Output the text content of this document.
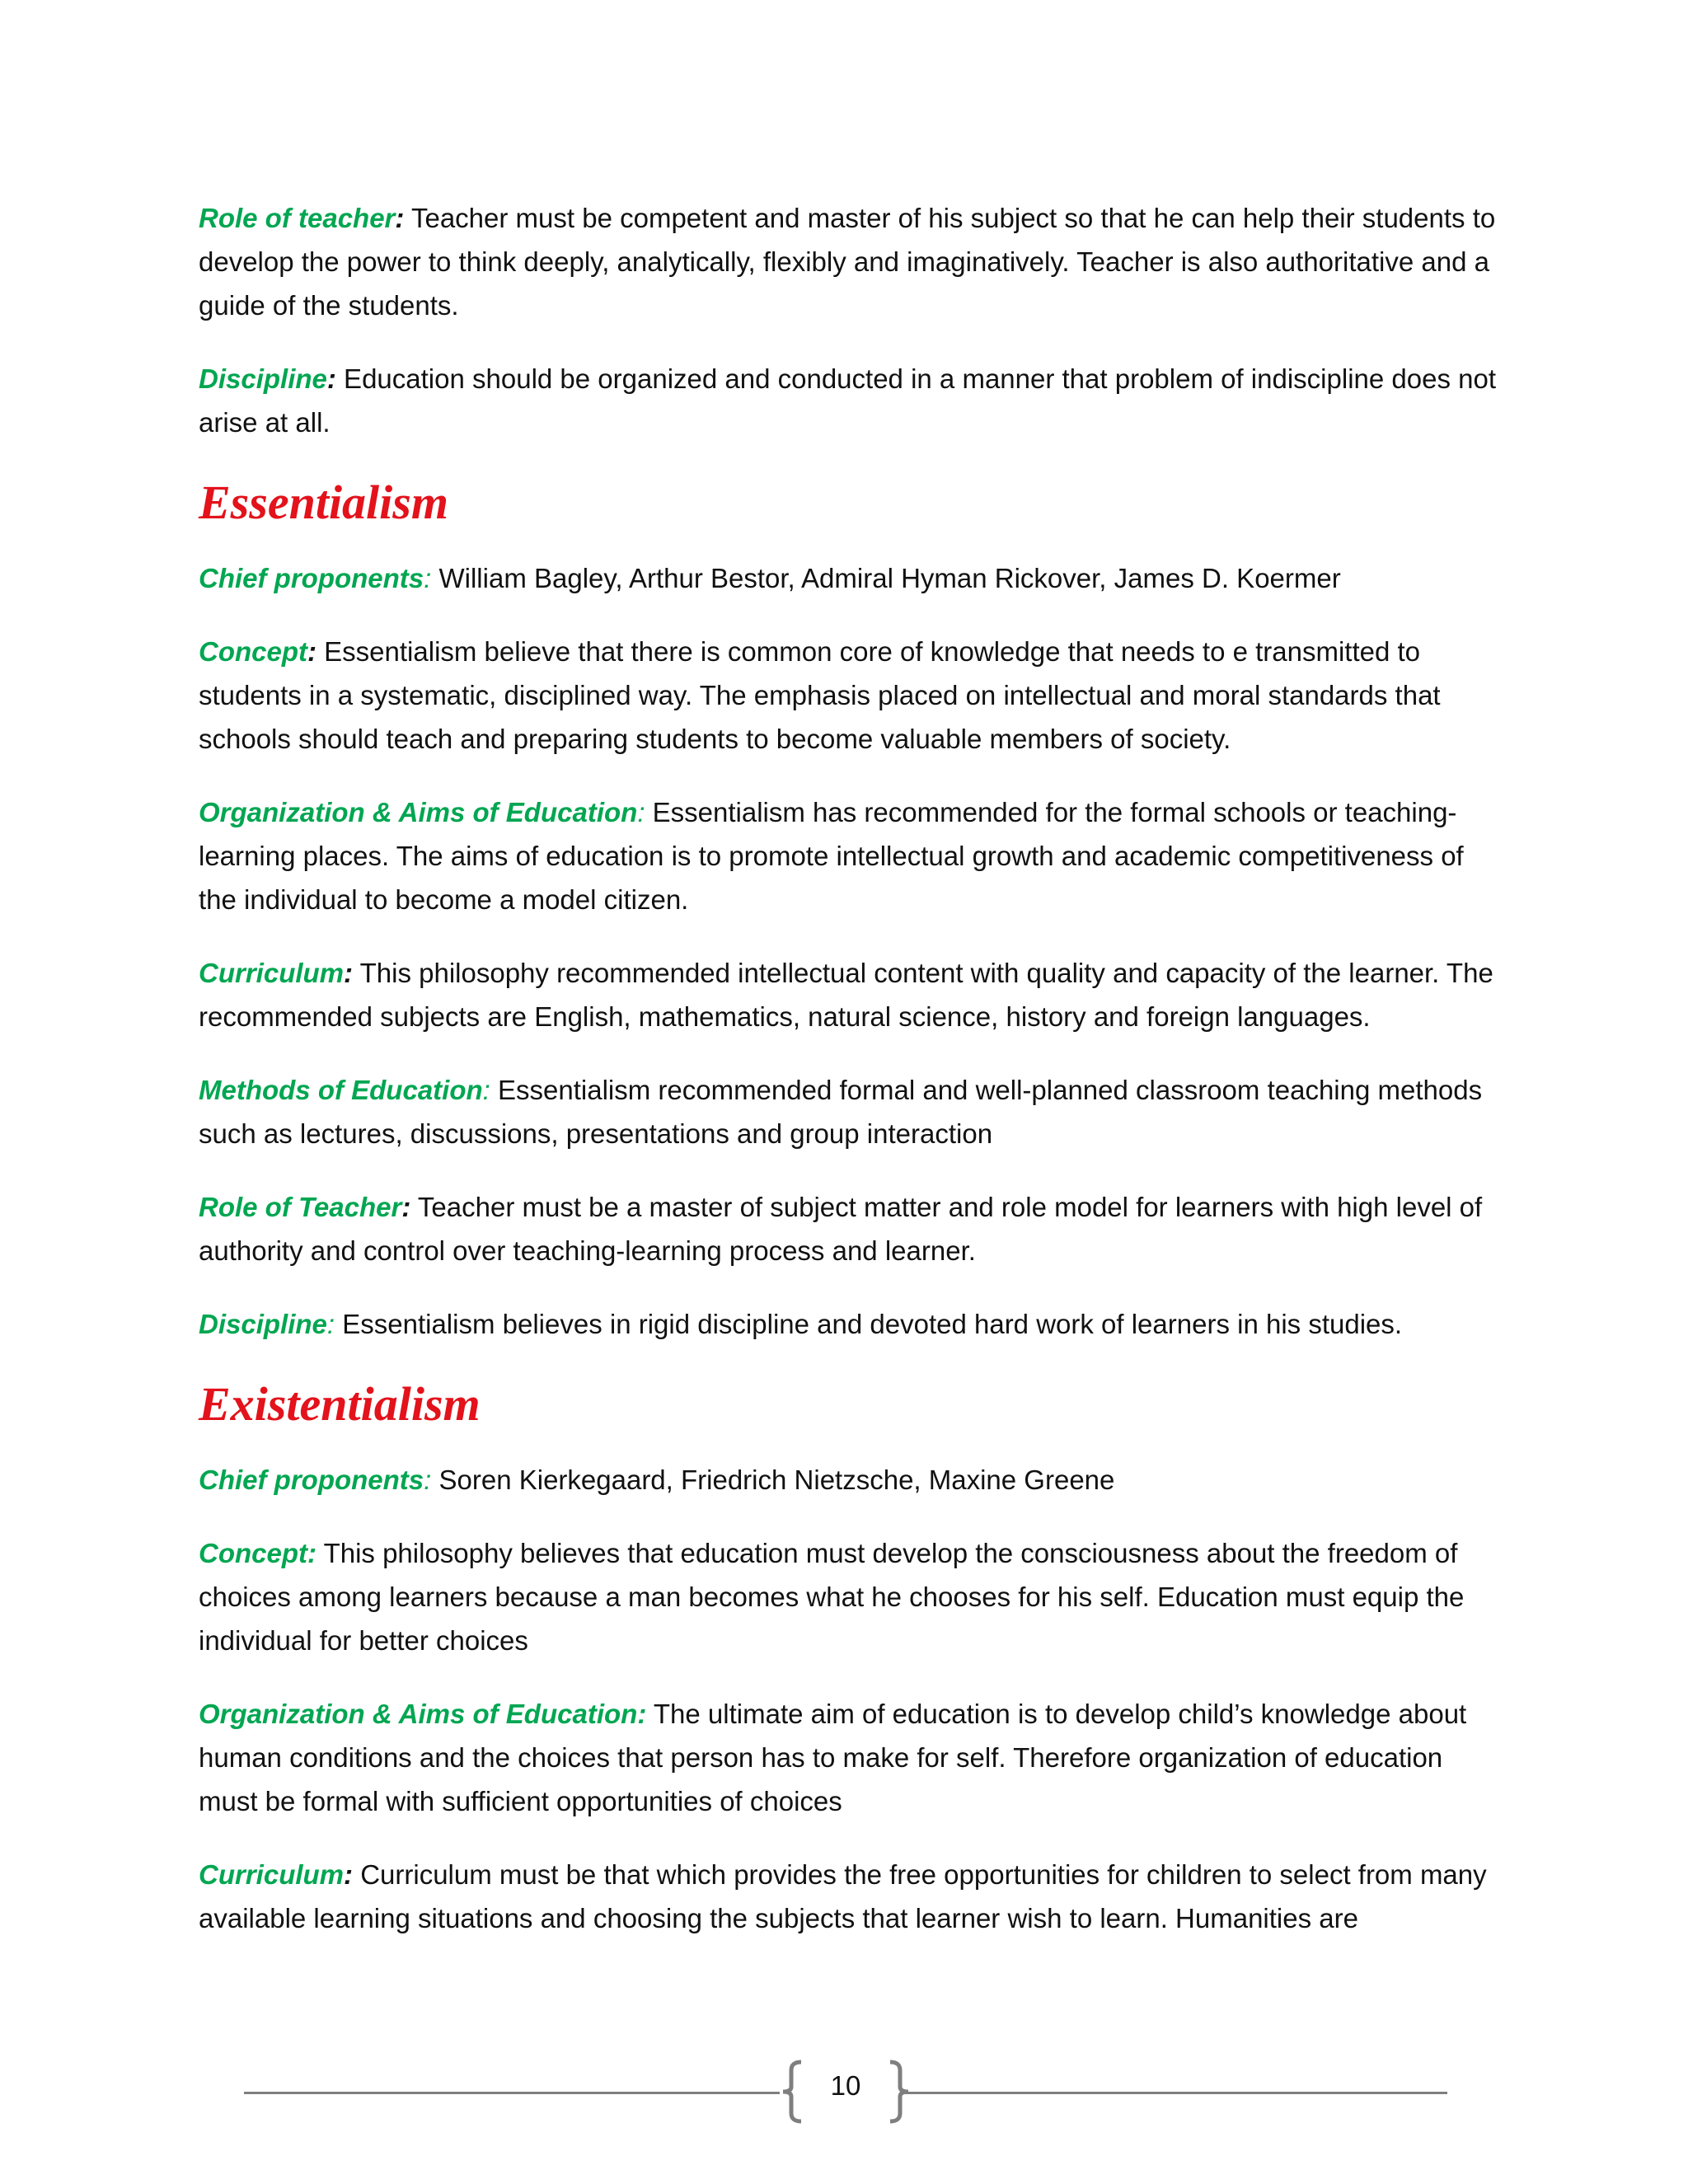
Role of teacher: Teacher must be competent and master of his subject so that he can help their students to develop the power to think deeply, analytically, flexibly and imaginatively. Teacher is also authoritative and a guide of the students.

Discipline: Education should be organized and conducted in a manner that problem of indiscipline does not arise at all.

Essentialism

Chief proponents: William Bagley, Arthur Bestor, Admiral Hyman Rickover, James D. Koermer

Concept: Essentialism believe that there is common core of knowledge that needs to e transmitted to students in a systematic, disciplined way. The emphasis placed on intellectual and moral standards that schools should teach and preparing students to become valuable members of society.

Organization & Aims of Education: Essentialism has recommended for the formal schools or teaching-learning places. The aims of education is to promote intellectual growth and academic competitiveness of the individual to become a model citizen.

Curriculum: This philosophy recommended intellectual content with quality and capacity of the learner. The recommended subjects are English, mathematics, natural science, history and foreign languages.

Methods of Education: Essentialism recommended formal and well-planned classroom teaching methods such as lectures, discussions, presentations and group interaction

Role of Teacher: Teacher must be a master of subject matter and role model for learners with high level of authority and control over teaching-learning process and learner.

Discipline: Essentialism believes in rigid discipline and devoted hard work of learners in his studies.

Existentialism

Chief proponents: Soren Kierkegaard, Friedrich Nietzsche, Maxine Greene

Concept: This philosophy believes that education must develop the consciousness about the freedom of choices among learners because a man becomes what he chooses for his self. Education must equip the individual for better choices

Organization & Aims of Education: The ultimate aim of education is to develop child’s knowledge about human conditions and the choices that person has to make for self. Therefore organization of education must be formal with sufficient opportunities of choices

Curriculum: Curriculum must be that which provides the free opportunities for children to select from many available learning situations and choosing the subjects that learner wish to learn. Humanities are

10
